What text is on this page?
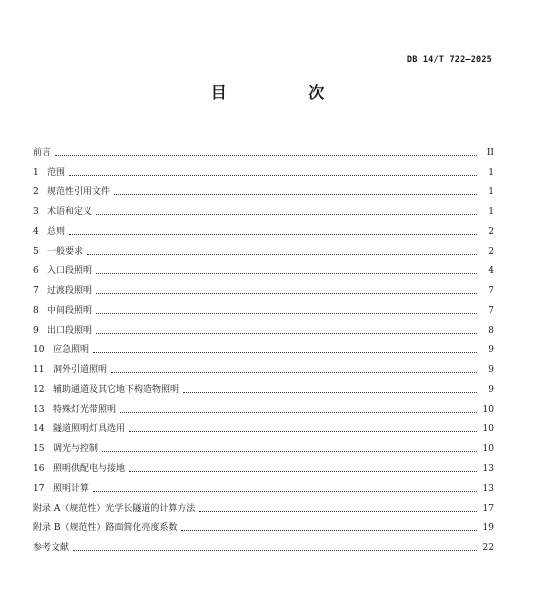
DB 14/T 722—2025
目 次
前言	II
1 范围	1
2 规范性引用文件	1
3 术语和定义	1
4 总则	2
5 一般要求	2
6 入口段照明	4
7 过渡段照明	7
8 中间段照明	7
9 出口段照明	8
10 应急照明	9
11 洞外引道照明	9
12 辅助通道及其它地下构造物照明	9
13 特殊灯光带照明	10
14 隧道照明灯具选用	10
15 调光与控制	10
16 照明供配电与接地	13
17 照明计算	13
附录 A（规范性）光学长隧道的计算方法	17
附录 B（规范性）路面简化亮度系数	19
参考文献	22
